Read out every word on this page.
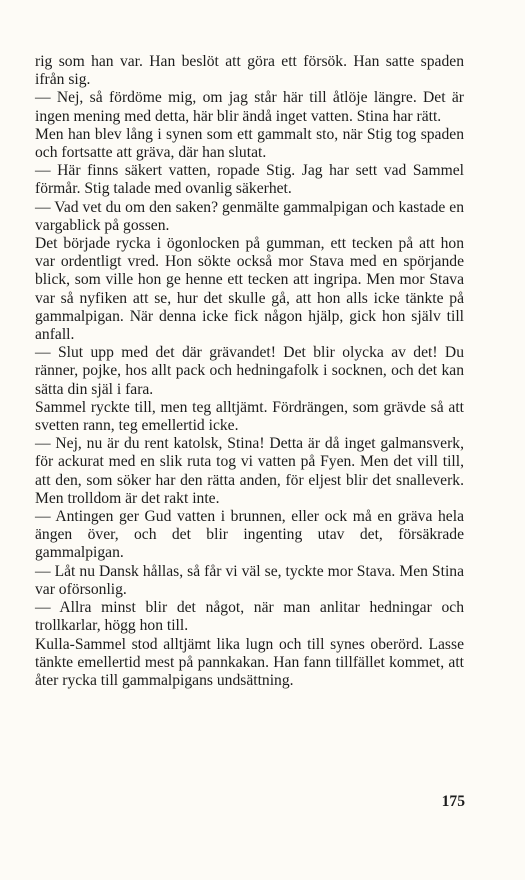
rig som han var. Han beslöt att göra ett försök. Han satte spaden ifrån sig.

— Nej, så fördöme mig, om jag står här till åtlöje längre. Det är ingen mening med detta, här blir ändå inget vatten. Stina har rätt.

Men han blev lång i synen som ett gammalt sto, när Stig tog spaden och fortsatte att gräva, där han slutat.

— Här finns säkert vatten, ropade Stig. Jag har sett vad Sammel förmår. Stig talade med ovanlig säkerhet.

— Vad vet du om den saken? genmälte gammalpigan och kastade en vargablick på gossen.

Det började rycka i ögonlocken på gumman, ett tecken på att hon var ordentligt vred. Hon sökte också mor Stava med en spörjande blick, som ville hon ge henne ett tecken att ingripa. Men mor Stava var så nyfiken att se, hur det skulle gå, att hon alls icke tänkte på gammalpigan. När denna icke fick någon hjälp, gick hon själv till anfall.

— Slut upp med det där grävandet! Det blir olycka av det! Du ränner, pojke, hos allt pack och hedningafolk i socknen, och det kan sätta din själ i fara.

Sammel ryckte till, men teg alltjämt. Fördrängen, som grävde så att svetten rann, teg emellertid icke.

— Nej, nu är du rent katolsk, Stina! Detta är då inget galmansverk, för ackurat med en slik ruta tog vi vatten på Fyen. Men det vill till, att den, som söker har den rätta anden, för eljest blir det snalleverk. Men trolldom är det rakt inte.

— Antingen ger Gud vatten i brunnen, eller ock må en gräva hela ängen över, och det blir ingenting utav det, försäkrade gammalpigan.

— Låt nu Dansk hållas, så får vi väl se, tyckte mor Stava. Men Stina var oförsonlig.

— Allra minst blir det något, när man anlitar hedningar och trollkarlar, högg hon till.

Kulla-Sammel stod alltjämt lika lugn och till synes oberörd. Lasse tänkte emellertid mest på pannkakan. Han fann tillfället kommet, att åter rycka till gammalpigans undsättning.

175
